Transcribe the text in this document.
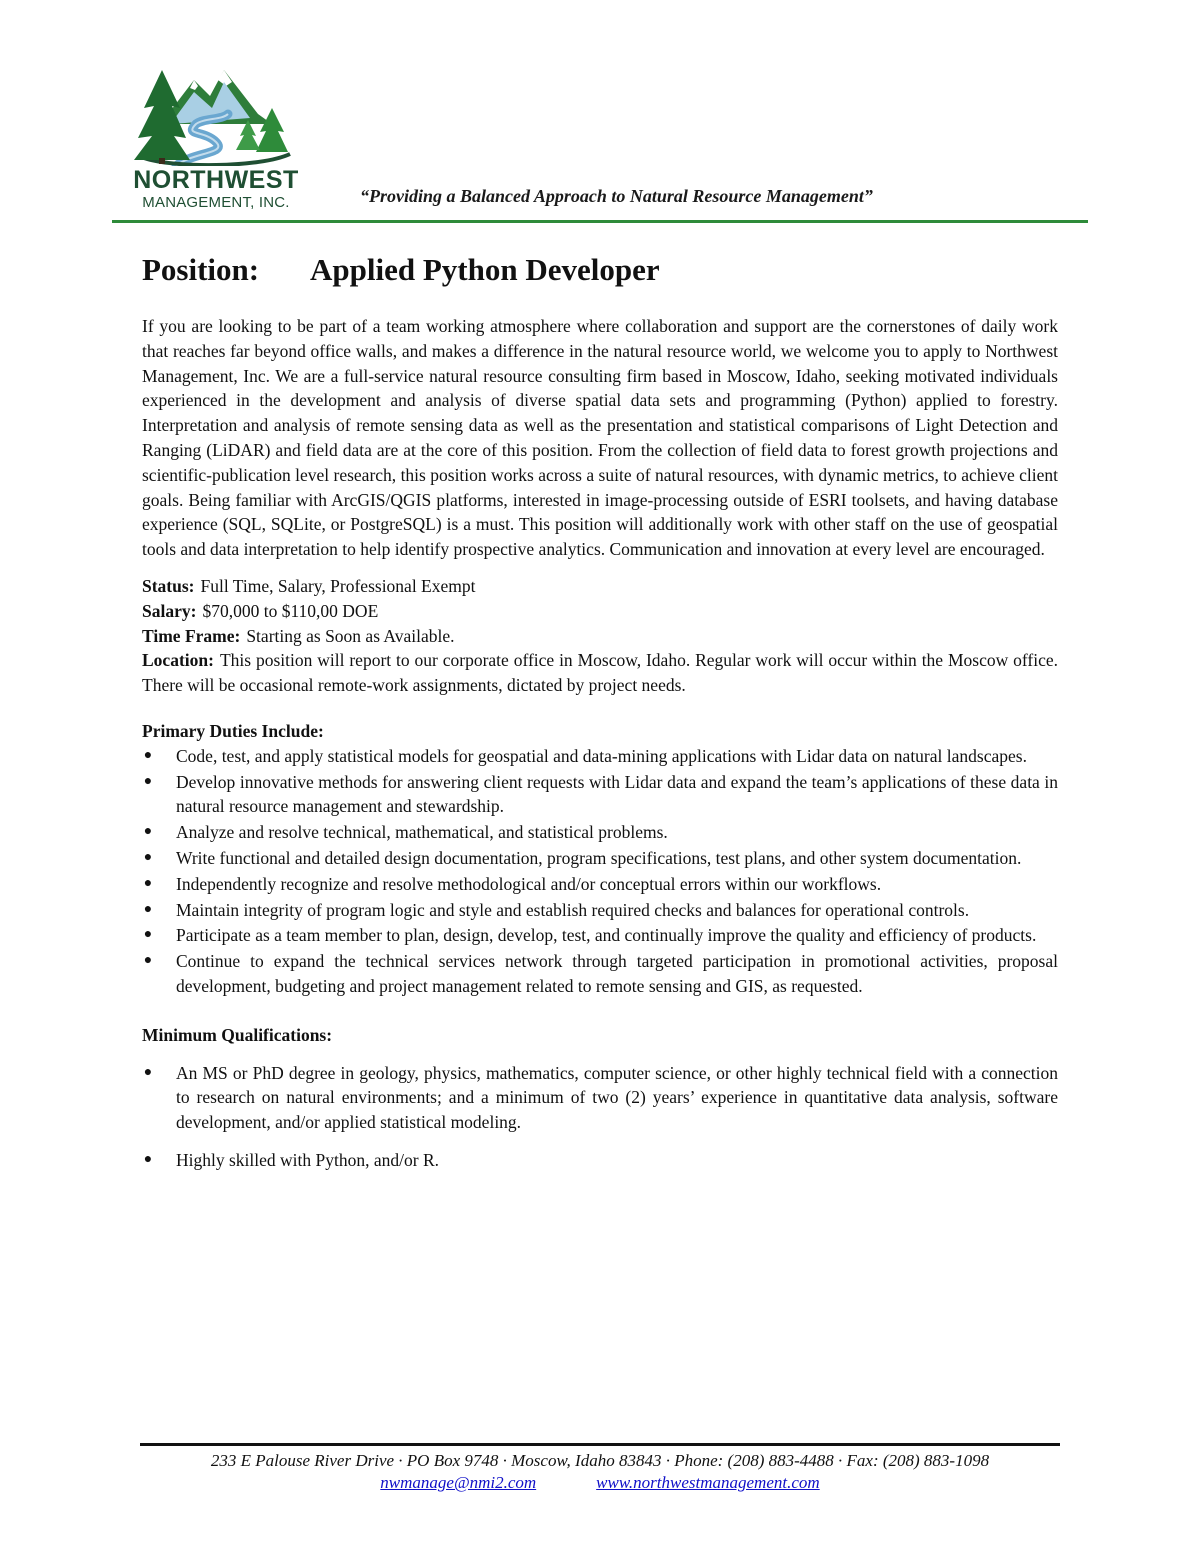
NORTHWEST
MANAGEMENT, INC.	“Providing a Balanced Approach to Natural Resource Management”
Position: Applied Python Developer

If you are looking to be part of a team working atmosphere where collaboration and support are the cornerstones of daily work that reaches far beyond office walls, and makes a difference in the natural resource world, we welcome you to apply to Northwest Management, Inc. We are a full-service natural resource consulting firm based in Moscow, Idaho, seeking motivated individuals experienced in the development and analysis of diverse spatial data sets and programming (Python) applied to forestry. Interpretation and analysis of remote sensing data as well as the presentation and statistical comparisons of Light Detection and Ranging (LiDAR) and field data are at the core of this position. From the collection of field data to forest growth projections and scientific-publication level research, this position works across a suite of natural resources, with dynamic metrics, to achieve client goals. Being familiar with ArcGIS/QGIS platforms, interested in image-processing outside of ESRI toolsets, and having database experience (SQL, SQLite, or PostgreSQL) is a must. This position will additionally work with other staff on the use of geospatial tools and data interpretation to help identify prospective analytics. Communication and innovation at every level are encouraged.

Status: Full Time, Salary, Professional Exempt
Salary: $70,000 to $110,00 DOE
Time Frame: Starting as Soon as Available.
Location: This position will report to our corporate office in Moscow, Idaho. Regular work will occur within the Moscow office. There will be occasional remote-work assignments, dictated by project needs.

Primary Duties Include:

● Code, test, and apply statistical models for geospatial and data-mining applications with Lidar data on natural landscapes.
● Develop innovative methods for answering client requests with Lidar data and expand the team’s applications of these data in natural resource management and stewardship.
● Analyze and resolve technical, mathematical, and statistical problems.
● Write functional and detailed design documentation, program specifications, test plans, and other system documentation.
● Independently recognize and resolve methodological and/or conceptual errors within our workflows.
● Maintain integrity of program logic and style and establish required checks and balances for operational controls.
● Participate as a team member to plan, design, develop, test, and continually improve the quality and efficiency of products.
● Continue to expand the technical services network through targeted participation in promotional activities, proposal development, budgeting and project management related to remote sensing and GIS, as requested.

Minimum Qualifications:

● An MS or PhD degree in geology, physics, mathematics, computer science, or other highly technical field with a connection to research on natural environments; and a minimum of two (2) years’ experience in quantitative data analysis, software development, and/or applied statistical modeling.
● Highly skilled with Python, and/or R.
233 E Palouse River Drive · PO Box 9748 · Moscow, Idaho 83843 · Phone: (208) 883-4488 · Fax: (208) 883-1098
nwmanage@nmi2.com	www.northwestmanagement.com
